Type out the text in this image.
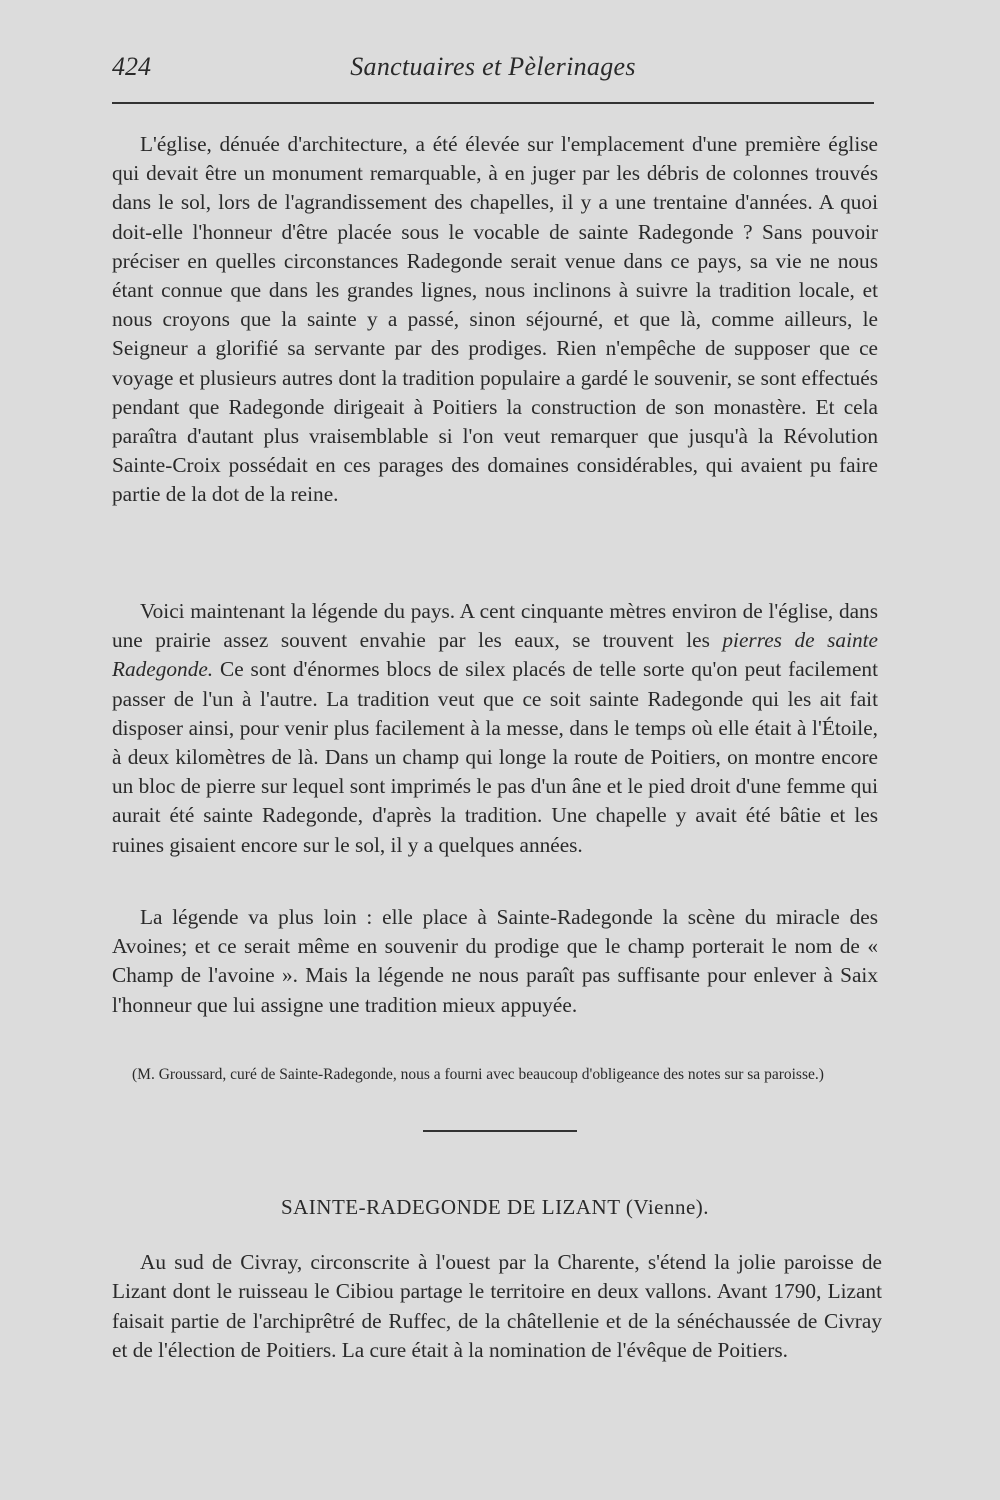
424	Sanctuaires et Pèlerinages

L'église, dénuée d'architecture, a été élevée sur l'emplacement d'une première église qui devait être un monument remarquable, à en juger par les débris de colonnes trouvés dans le sol, lors de l'agrandissement des chapelles, il y a une trentaine d'années. A quoi doit-elle l'honneur d'être placée sous le vocable de sainte Radegonde ? Sans pouvoir préciser en quelles circonstances Radegonde serait venue dans ce pays, sa vie ne nous étant connue que dans les grandes lignes, nous inclinons à suivre la tradition locale, et nous croyons que la sainte y a passé, sinon séjourné, et que là, comme ailleurs, le Seigneur a glorifié sa servante par des prodiges. Rien n'empêche de supposer que ce voyage et plusieurs autres dont la tradition populaire a gardé le souvenir, se sont effectués pendant que Radegonde dirigeait à Poitiers la construction de son monastère. Et cela paraîtra d'autant plus vraisemblable si l'on veut remarquer que jusqu'à la Révolution Sainte-Croix possédait en ces parages des domaines considérables, qui avaient pu faire partie de la dot de la reine.

Voici maintenant la légende du pays. A cent cinquante mètres environ de l'église, dans une prairie assez souvent envahie par les eaux, se trouvent les pierres de sainte Radegonde. Ce sont d'énormes blocs de silex placés de telle sorte qu'on peut facilement passer de l'un à l'autre. La tradition veut que ce soit sainte Radegonde qui les ait fait disposer ainsi, pour venir plus facilement à la messe, dans le temps où elle était à l'Étoile, à deux kilomètres de là. Dans un champ qui longe la route de Poitiers, on montre encore un bloc de pierre sur lequel sont imprimés le pas d'un âne et le pied droit d'une femme qui aurait été sainte Radegonde, d'après la tradition. Une chapelle y avait été bâtie et les ruines gisaient encore sur le sol, il y a quelques années.

La légende va plus loin : elle place à Sainte-Radegonde la scène du miracle des Avoines; et ce serait même en souvenir du prodige que le champ porterait le nom de « Champ de l'avoine ». Mais la légende ne nous paraît pas suffisante pour enlever à Saix l'honneur que lui assigne une tradition mieux appuyée.

(M. Groussard, curé de Sainte-Radegonde, nous a fourni avec beaucoup d'obligeance des notes sur sa paroisse.)

SAINTE-RADEGONDE DE LIZANT (Vienne).

Au sud de Civray, circonscrite à l'ouest par la Charente, s'étend la jolie paroisse de Lizant dont le ruisseau le Cibiou partage le territoire en deux vallons. Avant 1790, Lizant faisait partie de l'archiprêtré de Ruffec, de la châtellenie et de la sénéchaussée de Civray et de l'élection de Poitiers. La cure était à la nomination de l'évêque de Poitiers.
